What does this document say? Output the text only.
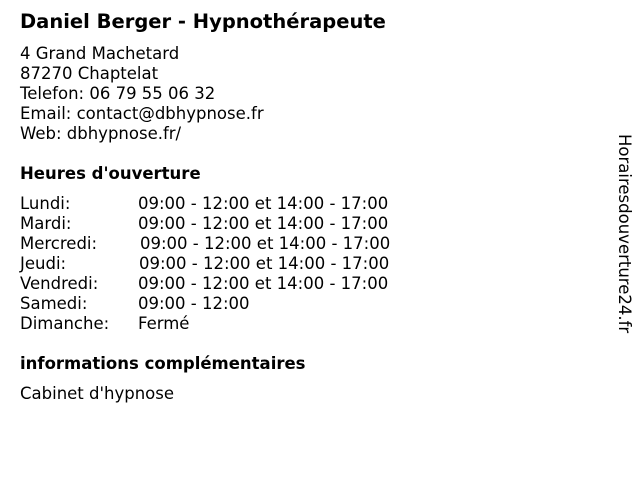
Daniel Berger - Hypnothérapeute
4 Grand Machetard
87270 Chaptelat
Telefon: 06 79 55 06 32
Email: contact@dbhypnose.fr
Web: dbhypnose.fr/
Heures d'ouverture
Lundi:	09:00 - 12:00 et 14:00 - 17:00
Mardi:	09:00 - 12:00 et 14:00 - 17:00
Mercredi:	09:00 - 12:00 et 14:00 - 17:00
Jeudi:	09:00 - 12:00 et 14:00 - 17:00
Vendredi: 09:00 - 12:00 et 14:00 - 17:00
Samedi:	09:00 - 12:00
Dimanche: Fermé
informations complémentaires
Cabinet d'hypnose
Horairesdouverture24.fr
